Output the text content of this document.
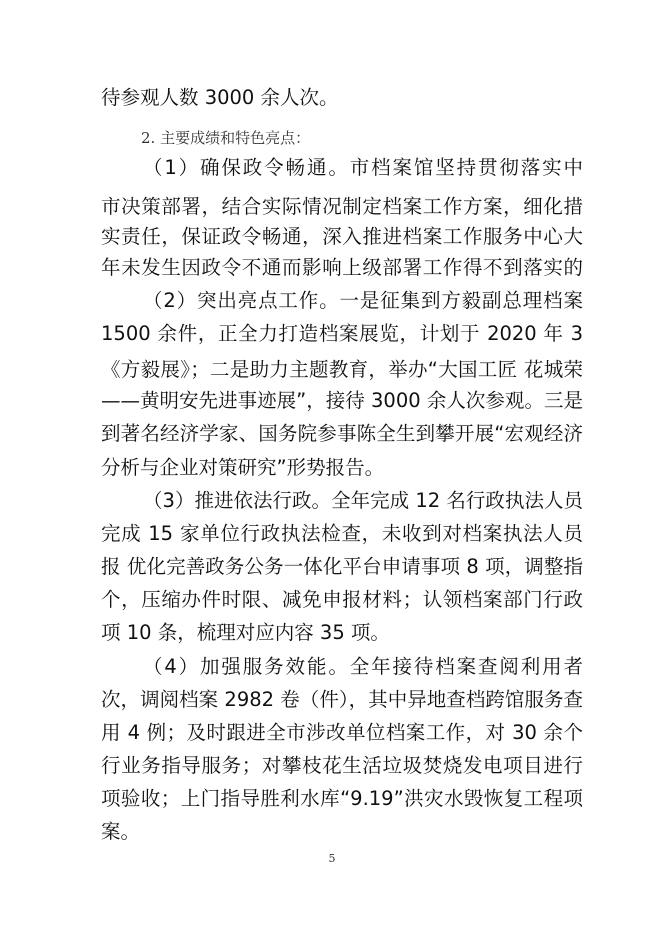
待参观人数 3000 余人次。
2. 主要成绩和特色亮点：
（1）确保政令畅通。市档案馆坚持贯彻落实中
市决策部署，结合实际情况制定档案工作方案，细化措
实责任，保证政令畅通，深入推进档案工作服务中心大
年未发生因政令不通而影响上级部署工作得不到落实的
（2）突出亮点工作。一是征集到方毅副总理档案
1500 余件，正全力打造档案展览，计划于 2020 年 3
《方毅展》；二是助力主题教育，举办“大国工匠 花城荣
——黄明安先进事迹展”，接待 3000 余人次参观。三是
到著名经济学家、国务院参事陈全生到攀开展“宏观经济
分析与企业对策研究”形势报告。
（3）推进依法行政。全年完成 12 名行政执法人员
完成 15 家单位行政执法检查，未收到对档案执法人员
报 优化完善政务公务一体化平台申请事项 8 项，调整指
个，压缩办件时限、减免申报材料；认领档案部门行政
项 10 条，梳理对应内容 35 项。
（4）加强服务效能。全年接待档案查阅利用者
次，调阅档案 2982 卷（件），其中异地查档跨馆服务查
用 4 例；及时跟进全市涉改单位档案工作，对 30 余个
行业务指导服务；对攀枝花生活垃圾焚烧发电项目进行
项验收；上门指导胜利水库“9.19”洪灾水毁恢复工程项
案。
5
